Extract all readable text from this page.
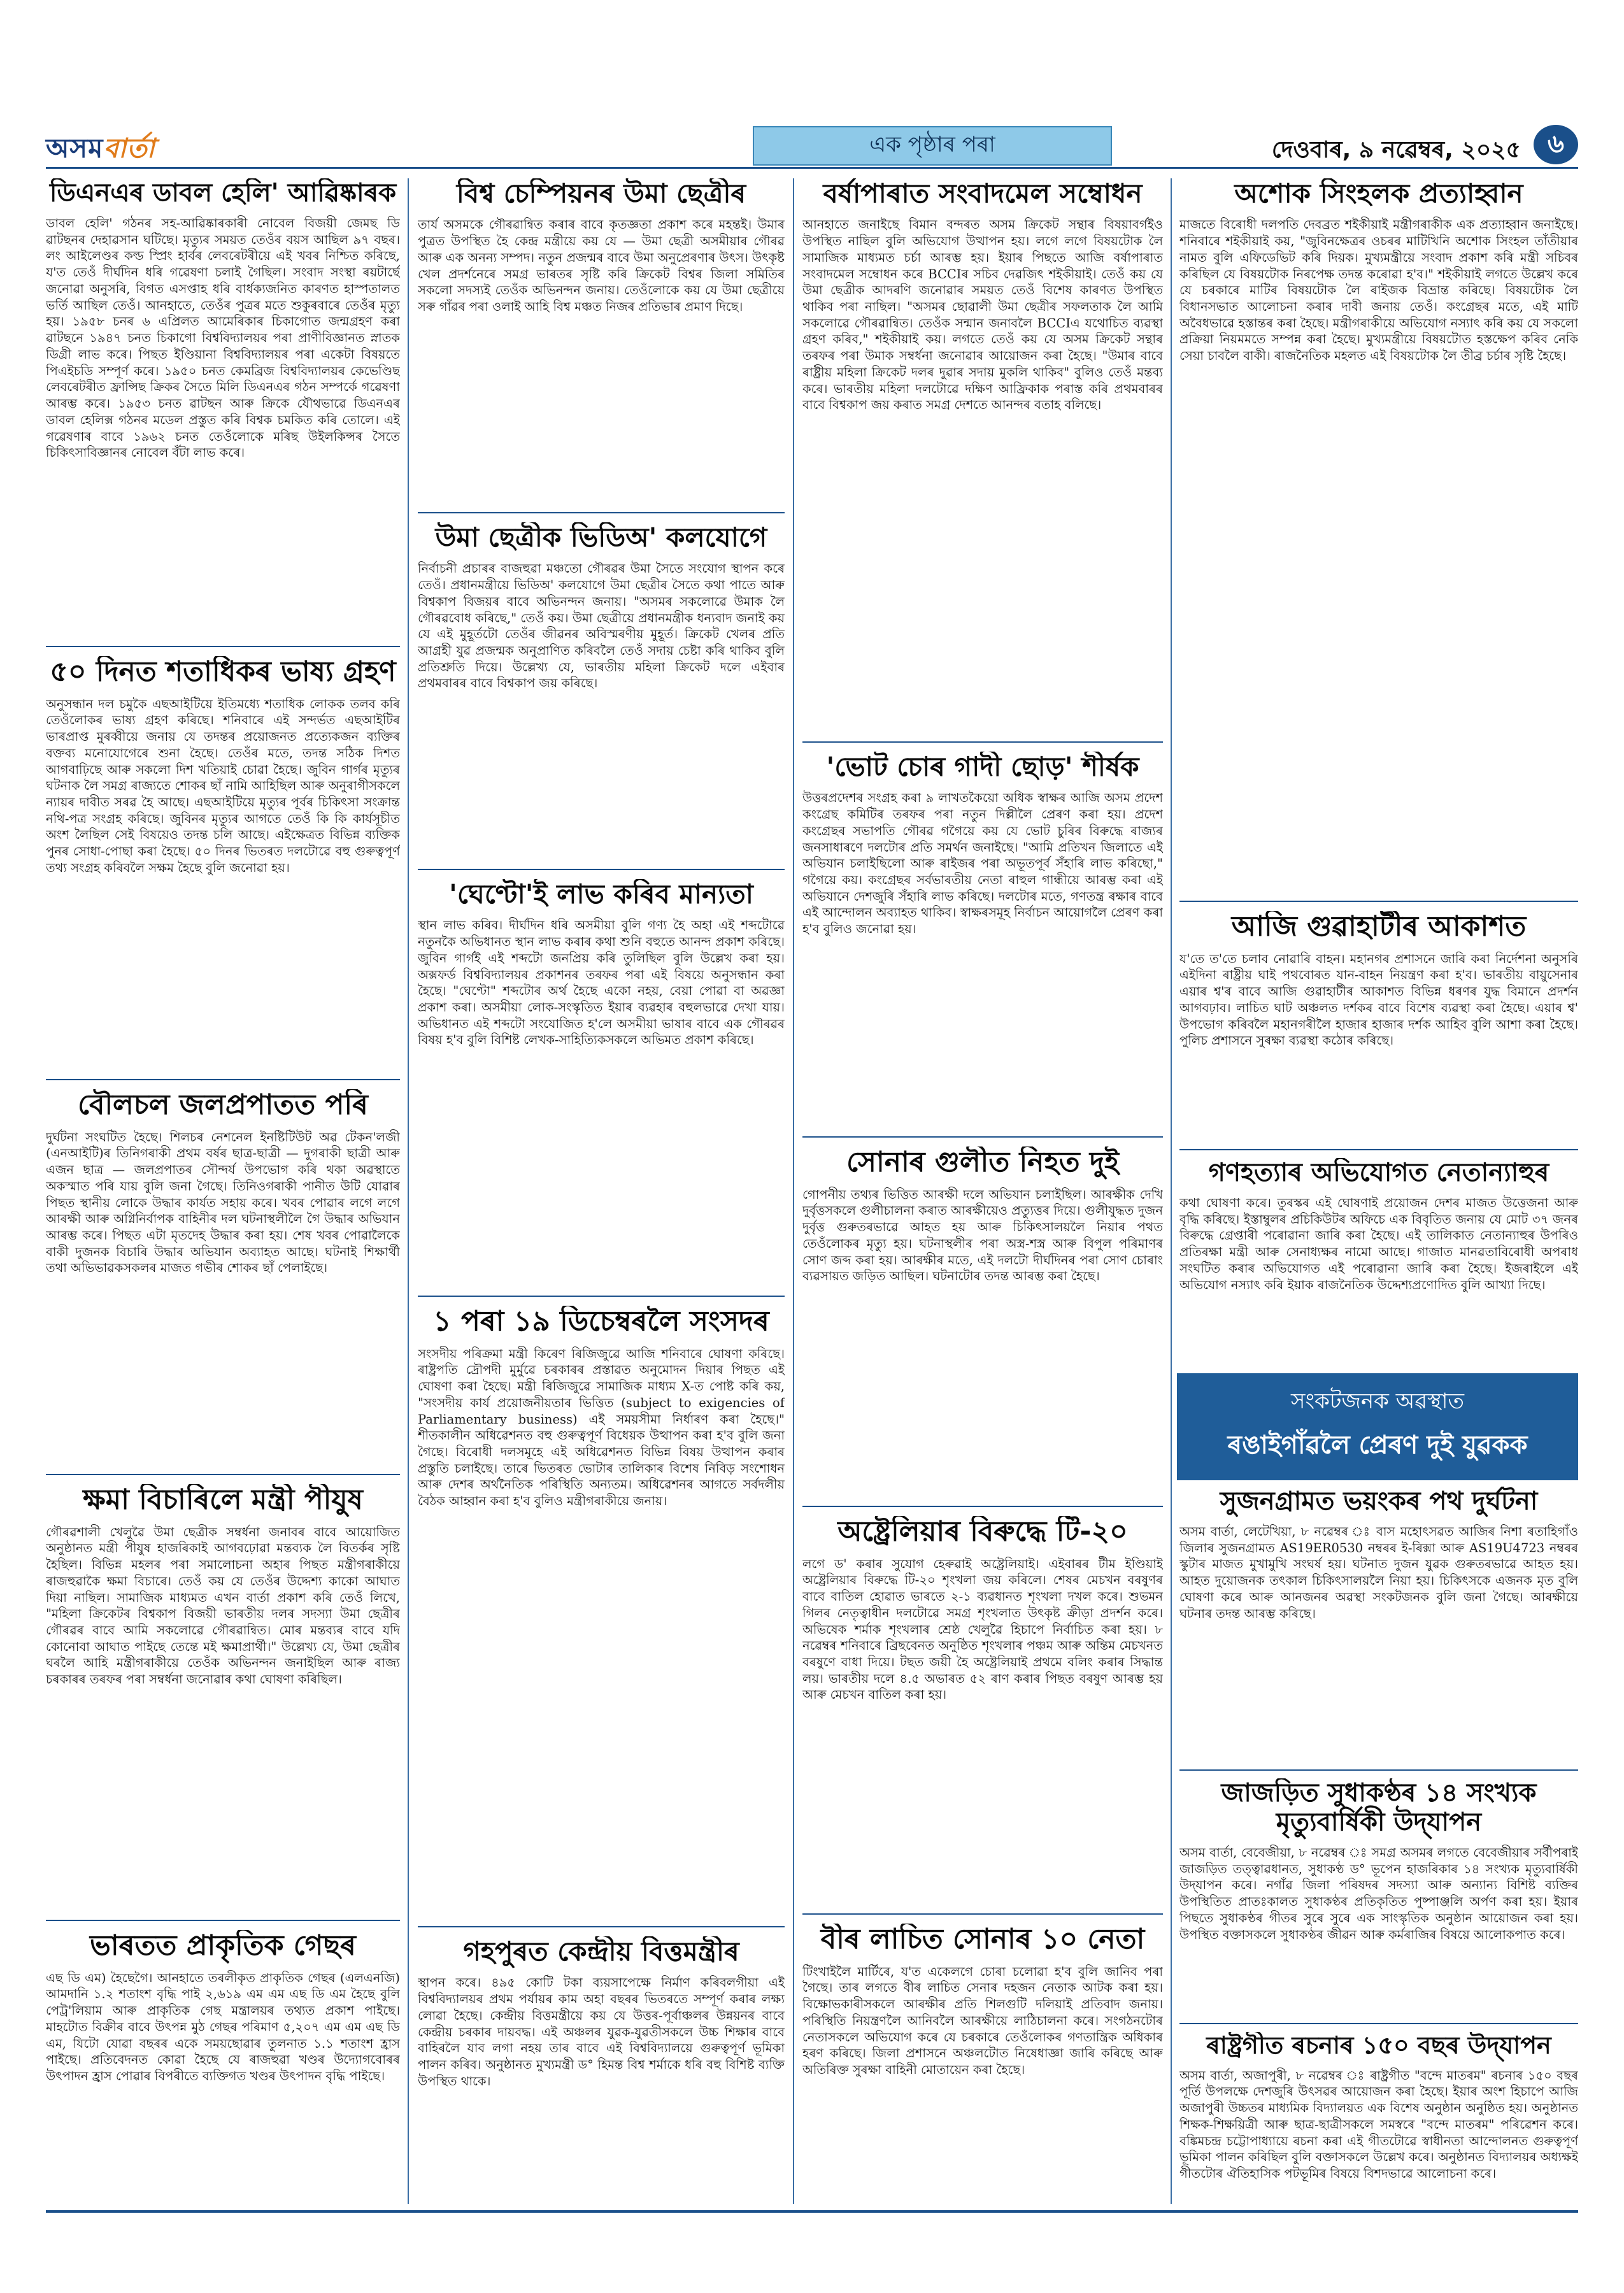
অসমবাৰ্তা	এক পৃষ্ঠাৰ পৰা	দেওবাৰ, ৯ নৱেম্বৰ, ২০২৫	৬
ডিএনএৰ ডাবল হেলি' আৱিষ্কাৰক

ডাবল হেলি' গঠনৰ সহ-আৱিষ্কাৰকাৰী নোবেল বিজয়ী জেমছ ডি ৱাটছনৰ দেহাৱসান ঘটিছে। মৃত্যুৰ সময়ত তেওঁৰ বয়স আছিল ৯৭ বছৰ। লং আইলেণ্ডৰ কল্ড স্প্ৰিং হাৰ্বৰ লেবৰেটৰীয়ে এই খবৰ নিশ্চিত কৰিছে, য'ত তেওঁ দীৰ্ঘদিন ধৰি গৱেষণা চলাই গৈছিল। সংবাদ সংস্থা ৰয়টাৰ্ছে জনোৱা অনুসৰি, বিগত এসপ্তাহ ধৰি বাৰ্ধক্যজনিত কাৰণত হাস্পতালত ভৰ্তি আছিল তেওঁ। আনহাতে, তেওঁৰ পুত্ৰৰ মতে শুকুৰবাৰে তেওঁৰ মৃত্যু হয়। ১৯৫৮ চনৰ ৬ এপ্ৰিলত আমেৰিকাৰ চিকাগোত জন্মগ্ৰহণ কৰা ৱাটছনে ১৯৪৭ চনত চিকাগো বিশ্ববিদ্যালয়ৰ পৰা প্ৰাণীবিজ্ঞানত স্নাতক ডিগ্ৰী লাভ কৰে। পিছত ইণ্ডিয়ানা বিশ্ববিদ্যালয়ৰ পৰা একেটা বিষয়তে পিএইচডি সম্পূৰ্ণ কৰে। ১৯৫০ চনত কেমব্ৰিজ বিশ্ববিদ্যালয়ৰ কেভেণ্ডিছ লেবৰেটৰীত ফ্ৰান্সিছ ক্ৰিকৰ সৈতে মিলি ডিএনএৰ গঠন সম্পৰ্কে গৱেষণা আৰম্ভ কৰে। ১৯৫৩ চনত ৱাটছন আৰু ক্ৰিকে যৌথভাৱে ডিএনএৰ ডাবল হেলিক্স গঠনৰ মডেল প্ৰস্তুত কৰি বিশ্বক চমকিত কৰি তোলে। এই গৱেষণাৰ বাবে ১৯৬২ চনত তেওঁলোকে মৰিছ উইলকিন্সৰ সৈতে চিকিৎসাবিজ্ঞানৰ নোবেল বঁটা লাভ কৰে।

৫০ দিনত শতাধিকৰ ভাষ্য গ্ৰহণ

অনুসন্ধান দল চমুকৈ এছআইটিয়ে ইতিমধ্যে শতাধিক লোকক তলব কৰি তেওঁলোকৰ ভাষ্য গ্ৰহণ কৰিছে। শনিবাৰে এই সন্দৰ্ভত এছআইটিৰ ভাৰপ্ৰাপ্ত মুৰব্বীয়ে জনায় যে তদন্তৰ প্ৰয়োজনত প্ৰত্যেকজন ব্যক্তিৰ বক্তব্য মনোযোগেৰে শুনা হৈছে। তেওঁৰ মতে, তদন্ত সঠিক দিশত আগবাঢ়িছে আৰু সকলো দিশ খতিয়াই চোৱা হৈছে। জুবিন গাৰ্গৰ মৃত্যুৰ ঘটনাক লৈ সমগ্ৰ ৰাজ্যতে শোকৰ ছাঁ নামি আহিছিল আৰু অনুৰাগীসকলে ন্যায়ৰ দাবীত সৰৱ হৈ আছে। এছআইটিয়ে মৃত্যুৰ পূৰ্বৰ চিকিৎসা সংক্ৰান্ত নথি-পত্ৰ সংগ্ৰহ কৰিছে। জুবিনৰ মৃত্যুৰ আগতে তেওঁ কি কি কাৰ্যসূচীত অংশ লৈছিল সেই বিষয়েও তদন্ত চলি আছে। এইক্ষেত্ৰত বিভিন্ন ব্যক্তিক পুনৰ সোধা-পোছা কৰা হৈছে। ৫০ দিনৰ ভিতৰত দলটোৱে বহু গুৰুত্বপূৰ্ণ তথ্য সংগ্ৰহ কৰিবলৈ সক্ষম হৈছে বুলি জনোৱা হয়।

বৌলচল জলপ্ৰপাতত পৰি

দুৰ্ঘটনা সংঘটিত হৈছে। শিলচৰ নেশনেল ইনষ্টিটিউট অৱ টেকন'লজী (এনআইটি)ৰ তিনিগৰাকী প্ৰথম বৰ্ষৰ ছাত্ৰ-ছাত্ৰী — দুগৰাকী ছাত্ৰী আৰু এজন ছাত্ৰ — জলপ্ৰপাতৰ সৌন্দৰ্য উপভোগ কৰি থকা অৱস্থাতে অকস্মাত পৰি যায় বুলি জনা গৈছে। তিনিওগৰাকী পানীত উটি যোৱাৰ পিছত স্থানীয় লোকে উদ্ধাৰ কাৰ্যত সহায় কৰে। খবৰ পোৱাৰ লগে লগে আৰক্ষী আৰু অগ্নিনিৰ্বাপক বাহিনীৰ দল ঘটনাস্থলীলৈ গৈ উদ্ধাৰ অভিযান আৰম্ভ কৰে। পিছত এটা মৃতদেহ উদ্ধাৰ কৰা হয়। শেষ খবৰ পোৱালৈকে বাকী দুজনক বিচাৰি উদ্ধাৰ অভিযান অব্যাহত আছে। ঘটনাই শিক্ষাৰ্থী তথা অভিভাৱকসকলৰ মাজত গভীৰ শোকৰ ছাঁ পেলাইছে।

ক্ষমা বিচাৰিলে মন্ত্ৰী পীযুষ

গৌৰৱশালী খেলুৱৈ উমা ছেত্ৰীক সম্বৰ্ধনা জনাবৰ বাবে আয়োজিত অনুষ্ঠানত মন্ত্ৰী পীযুষ হাজৰিকাই আগবঢ়োৱা মন্তব্যক লৈ বিতৰ্কৰ সৃষ্টি হৈছিল। বিভিন্ন মহলৰ পৰা সমালোচনা অহাৰ পিছত মন্ত্ৰীগৰাকীয়ে ৰাজহুৱাকৈ ক্ষমা বিচাৰে। তেওঁ কয় যে তেওঁৰ উদ্দেশ্য কাকো আঘাত দিয়া নাছিল। সামাজিক মাধ্যমত এখন বাৰ্তা প্ৰকাশ কৰি তেওঁ লিখে, "মহিলা ক্ৰিকেটৰ বিশ্বকাপ বিজয়ী ভাৰতীয় দলৰ সদস্যা উমা ছেত্ৰীৰ গৌৰৱৰ বাবে আমি সকলোৱে গৌৰৱান্বিত। মোৰ মন্তব্যৰ বাবে যদি কোনোবা আঘাত পাইছে তেন্তে মই ক্ষমাপ্ৰাৰ্থী।" উল্লেখ্য যে, উমা ছেত্ৰীৰ ঘৰলৈ আহি মন্ত্ৰীগৰাকীয়ে তেওঁক অভিনন্দন জনাইছিল আৰু ৰাজ্য চৰকাৰৰ তৰফৰ পৰা সম্বৰ্ধনা জনোৱাৰ কথা ঘোষণা কৰিছিল।

ভাৰতত প্ৰাকৃতিক গেছৰ

এছ ডি এম) হৈছেগৈ। আনহাতে তৰলীকৃত প্ৰাকৃতিক গেছৰ (এলএনজি) আমদানি ১.২ শতাংশ বৃদ্ধি পাই ২,৬১৯ এম এম এছ ডি এম হৈছে বুলি পেট্ৰ'লিয়াম আৰু প্ৰাকৃতিক গেছ মন্ত্ৰালয়ৰ তথ্যত প্ৰকাশ পাইছে। মাহটোত বিক্ৰীৰ বাবে উৎপন্ন মুঠ গেছৰ পৰিমাণ ৫,২০৭ এম এম এছ ডি এম, যিটো যোৱা বছৰৰ একে সময়ছোৱাৰ তুলনাত ১.১ শতাংশ হ্ৰাস পাইছে। প্ৰতিবেদনত কোৱা হৈছে যে ৰাজহুৱা খণ্ডৰ উদ্যোগবোৰৰ উৎপাদন হ্ৰাস পোৱাৰ বিপৰীতে ব্যক্তিগত খণ্ডৰ উৎপাদন বৃদ্ধি পাইছে।

বিশ্ব চেম্পিয়নৰ উমা ছেত্ৰীৰ

তাৰ্য অসমকে গৌৰৱান্বিত কৰাৰ বাবে কৃতজ্ঞতা প্ৰকাশ কৰে মহন্তই। উমাৰ পুত্ৰত উপস্থিত হৈ কেন্দ্ৰ মন্ত্ৰীয়ে কয় যে — উমা ছেত্ৰী অসমীয়াৰ গৌৰৱ আৰু এক অনন্য সম্পদ। নতুন প্ৰজন্মৰ বাবে উমা অনুপ্ৰেৰণাৰ উৎস। উৎকৃষ্ট খেল প্ৰদৰ্শনেৰে সমগ্ৰ ভাৰতৰ সৃষ্টি কৰি ক্ৰিকেট বিশ্বৰ জিলা সমিতিৰ সকলো সদস্যই তেওঁক অভিনন্দন জনায়। তেওঁলোকে কয় যে উমা ছেত্ৰীয়ে সৰু গাঁৱৰ পৰা ওলাই আহি বিশ্ব মঞ্চত নিজৰ প্ৰতিভাৰ প্ৰমাণ দিছে।

উমা ছেত্ৰীক ভিডিঅ' কলযোগে

নিৰ্বাচনী প্ৰচাৰৰ বাজহুৱা মঞ্চতো গৌৰৱৰ উমা সৈতে সংযোগ স্থাপন কৰে তেওঁ। প্ৰধানমন্ত্ৰীয়ে ভিডিঅ' কলযোগে উমা ছেত্ৰীৰ সৈতে কথা পাতে আৰু বিশ্বকাপ বিজয়ৰ বাবে অভিনন্দন জনায়। "অসমৰ সকলোৱে উমাক লৈ গৌৰৱবোধ কৰিছে," তেওঁ কয়। উমা ছেত্ৰীয়ে প্ৰধানমন্ত্ৰীক ধন্যবাদ জনাই কয় যে এই মুহূৰ্তটো তেওঁৰ জীৱনৰ অবিস্মৰণীয় মুহূৰ্ত। ক্ৰিকেট খেলৰ প্ৰতি আগ্ৰহী যুৱ প্ৰজন্মক অনুপ্ৰাণিত কৰিবলৈ তেওঁ সদায় চেষ্টা কৰি থাকিব বুলি প্ৰতিশ্ৰুতি দিয়ে। উল্লেখ্য যে, ভাৰতীয় মহিলা ক্ৰিকেট দলে এইবাৰ প্ৰথমবাৰৰ বাবে বিশ্বকাপ জয় কৰিছে।

'ঘেণ্টো'ই লাভ কৰিব মান্যতা

স্থান লাভ কৰিব। দীৰ্ঘদিন ধৰি অসমীয়া বুলি গণ্য হৈ অহা এই শব্দটোৱে নতুনকৈ অভিধানত স্থান লাভ কৰাৰ কথা শুনি বহুতে আনন্দ প্ৰকাশ কৰিছে। জুবিন গাৰ্গই এই শব্দটো জনপ্ৰিয় কৰি তুলিছিল বুলি উল্লেখ কৰা হয়। অক্সফৰ্ড বিশ্ববিদ্যালয়ৰ প্ৰকাশনৰ তৰফৰ পৰা এই বিষয়ে অনুসন্ধান কৰা হৈছে। "ঘেণ্টো" শব্দটোৰ অৰ্থ হৈছে একো নহয়, বেয়া পোৱা বা অৱজ্ঞা প্ৰকাশ কৰা। অসমীয়া লোক-সংস্কৃতিত ইয়াৰ ব্যৱহাৰ বহুলভাৱে দেখা যায়। অভিধানত এই শব্দটো সংযোজিত হ'লে অসমীয়া ভাষাৰ বাবে এক গৌৰৱৰ বিষয় হ'ব বুলি বিশিষ্ট লেখক-সাহিত্যিকসকলে অভিমত প্ৰকাশ কৰিছে।

১ পৰা ১৯ ডিচেম্বৰলৈ সংসদৰ

সংসদীয় পৰিক্ৰমা মন্ত্ৰী কিৰেণ ৰিজিজুৱে আজি শনিবাৰে ঘোষণা কৰিছে। ৰাষ্ট্ৰপতি দ্ৰৌপদী মুৰ্মুৱে চৰকাৰৰ প্ৰস্তাৱত অনুমোদন দিয়াৰ পিছত এই ঘোষণা কৰা হৈছে। মন্ত্ৰী ৰিজিজুৱে সামাজিক মাধ্যম X-ত পোষ্ট কৰি কয়, "সংসদীয় কাৰ্য প্ৰয়োজনীয়তাৰ ভিত্তিত (subject to exigencies of Parliamentary business) এই সময়সীমা নিৰ্ধাৰণ কৰা হৈছে।" শীতকালীন অধিৱেশনত বহু গুৰুত্বপূৰ্ণ বিধেয়ক উত্থাপন কৰা হ'ব বুলি জনা গৈছে। বিৰোধী দলসমূহে এই অধিৱেশনত বিভিন্ন বিষয় উত্থাপন কৰাৰ প্ৰস্তুতি চলাইছে। তাৰে ভিতৰত ভোটাৰ তালিকাৰ বিশেষ নিবিড় সংশোধন আৰু দেশৰ অৰ্থনৈতিক পৰিস্থিতি অন্যতম। অধিৱেশনৰ আগতে সৰ্বদলীয় বৈঠক আহ্বান কৰা হ'ব বুলিও মন্ত্ৰীগৰাকীয়ে জনায়।

গহপুৰত কেন্দ্ৰীয় বিত্তমন্ত্ৰীৰ

স্থাপন কৰে। ৪৯৫ কোটি টকা ব্যয়সাপেক্ষে নিৰ্মাণ কৰিবলগীয়া এই বিশ্ববিদ্যালয়ৰ প্ৰথম পৰ্যায়ৰ কাম অহা বছৰৰ ভিতৰতে সম্পূৰ্ণ কৰাৰ লক্ষ্য লোৱা হৈছে। কেন্দ্ৰীয় বিত্তমন্ত্ৰীয়ে কয় যে উত্তৰ-পূৰ্বাঞ্চলৰ উন্নয়নৰ বাবে কেন্দ্ৰীয় চৰকাৰ দায়বদ্ধ। এই অঞ্চলৰ যুৱক-যুৱতীসকলে উচ্চ শিক্ষাৰ বাবে বাহিৰলৈ যাব লগা নহয় তাৰ বাবে এই বিশ্ববিদ্যালয়ে গুৰুত্বপূৰ্ণ ভূমিকা পালন কৰিব। অনুষ্ঠানত মুখ্যমন্ত্ৰী ড° হিমন্ত বিশ্ব শৰ্মাকে ধৰি বহু বিশিষ্ট ব্যক্তি উপস্থিত থাকে।

বৰ্ষাপাৰাত সংবাদমেল সম্বোধন

আনহাতে জনাইছে বিমান বন্দৰত অসম ক্ৰিকেট সন্থাৰ বিষয়াবৰ্গইও উপস্থিত নাছিল বুলি অভিযোগ উত্থাপন হয়। লগে লগে বিষয়টোক লৈ সামাজিক মাধ্যমত চৰ্চা আৰম্ভ হয়। ইয়াৰ পিছতে আজি বৰ্ষাপাৰাত সংবাদমেল সম্বোধন কৰে BCCIৰ সচিব দেৱজিৎ শইকীয়াই। তেওঁ কয় যে উমা ছেত্ৰীক আদৰণি জনোৱাৰ সময়ত তেওঁ বিশেষ কাৰণত উপস্থিত থাকিব পৰা নাছিল। "অসমৰ ছোৱালী উমা ছেত্ৰীৰ সফলতাক লৈ আমি সকলোৱে গৌৰৱান্বিত। তেওঁক সন্মান জনাবলৈ BCCIএ যথোচিত ব্যৱস্থা গ্ৰহণ কৰিব," শইকীয়াই কয়। লগতে তেওঁ কয় যে অসম ক্ৰিকেট সন্থাৰ তৰফৰ পৰা উমাক সম্বৰ্ধনা জনোৱাৰ আয়োজন কৰা হৈছে। "উমাৰ বাবে ৰাষ্ট্ৰীয় মহিলা ক্ৰিকেট দলৰ দুৱাৰ সদায় মুকলি থাকিব" বুলিও তেওঁ মন্তব্য কৰে। ভাৰতীয় মহিলা দলটোৱে দক্ষিণ আফ্ৰিকাক পৰাস্ত কৰি প্ৰথমবাৰৰ বাবে বিশ্বকাপ জয় কৰাত সমগ্ৰ দেশতে আনন্দৰ বতাহ বলিছে।

'ভোট চোৰ গাদী ছোড়' শীৰ্ষক

উত্তৰপ্ৰদেশৰ সংগ্ৰহ কৰা ৯ লাখতকৈয়ো অধিক স্বাক্ষৰ আজি অসম প্ৰদেশ কংগ্ৰেছ কমিটিৰ তৰফৰ পৰা নতুন দিল্লীলৈ প্ৰেৰণ কৰা হয়। প্ৰদেশ কংগ্ৰেছৰ সভাপতি গৌৰৱ গগৈয়ে কয় যে ভোট চুৰিৰ বিৰুদ্ধে ৰাজ্যৰ জনসাধাৰণে দলটোৰ প্ৰতি সমৰ্থন জনাইছে। "আমি প্ৰতিখন জিলাতে এই অভিযান চলাইছিলো আৰু ৰাইজৰ পৰা অভূতপূৰ্ব সঁহাৰি লাভ কৰিছো," গগৈয়ে কয়। কংগ্ৰেছৰ সৰ্বভাৰতীয় নেতা ৰাহুল গান্ধীয়ে আৰম্ভ কৰা এই অভিযানে দেশজুৰি সঁহাৰি লাভ কৰিছে। দলটোৰ মতে, গণতন্ত্ৰ ৰক্ষাৰ বাবে এই আন্দোলন অব্যাহত থাকিব। স্বাক্ষৰসমূহ নিৰ্বাচন আয়োগলৈ প্ৰেৰণ কৰা হ'ব বুলিও জনোৱা হয়।

সোনাৰ গুলীত নিহত দুই

গোপনীয় তথ্যৰ ভিত্তিত আৰক্ষী দলে অভিযান চলাইছিল। আৰক্ষীক দেখি দুৰ্বৃত্তসকলে গুলীচালনা কৰাত আৰক্ষীয়েও প্ৰত্যুত্তৰ দিয়ে। গুলীযুদ্ধত দুজন দুৰ্বৃত্ত গুৰুতৰভাৱে আহত হয় আৰু চিকিৎসালয়লৈ নিয়াৰ পথত তেওঁলোকৰ মৃত্যু হয়। ঘটনাস্থলীৰ পৰা অস্ত্ৰ-শস্ত্ৰ আৰু বিপুল পৰিমাণৰ সোণ জব্দ কৰা হয়। আৰক্ষীৰ মতে, এই দলটো দীৰ্ঘদিনৰ পৰা সোণ চোৰাং ব্যৱসায়ত জড়িত আছিল। ঘটনাটোৰ তদন্ত আৰম্ভ কৰা হৈছে।

অষ্ট্ৰেলিয়াৰ বিৰুদ্ধে টি-২০

লগে ড' কৰাৰ সুযোগ হেৰুৱাই অষ্ট্ৰেলিয়াই। এইবাৰৰ টীম ইণ্ডিয়াই অষ্ট্ৰেলিয়াৰ বিৰুদ্ধে টি-২০ শৃংখলা জয় কৰিলে। শেষৰ মেচখন বৰষুণৰ বাবে বাতিল হোৱাত ভাৰতে ২-১ ব্যৱধানত শৃংখলা দখল কৰে। শুভমন গিলৰ নেতৃত্বাধীন দলটোৱে সমগ্ৰ শৃংখলাত উৎকৃষ্ট ক্ৰীড়া প্ৰদৰ্শন কৰে। অভিষেক শৰ্মাক শৃংখলাৰ শ্ৰেষ্ঠ খেলুৱৈ হিচাপে নিৰ্বাচিত কৰা হয়। ৮ নৱেম্বৰ শনিবাৰে ব্ৰিছবেনত অনুষ্ঠিত শৃংখলাৰ পঞ্চম আৰু অন্তিম মেচখনত বৰষুণে বাধা দিয়ে। টছত জয়ী হৈ অষ্ট্ৰেলিয়াই প্ৰথমে বলিং কৰাৰ সিদ্ধান্ত লয়। ভাৰতীয় দলে ৪.৫ অভাৰত ৫২ ৰাণ কৰাৰ পিছত বৰষুণ আৰম্ভ হয় আৰু মেচখন বাতিল কৰা হয়।

বীৰ লাচিত সোনাৰ ১০ নেতা

টিংখাইলৈ মাৰ্টিৰে, য'ত একেলগে চোৰা চলোৱা হ'ব বুলি জানিব পৰা গৈছে। তাৰ লগতে বীৰ লাচিত সেনাৰ দহজন নেতাক আটক কৰা হয়। বিক্ষোভকাৰীসকলে আৰক্ষীৰ প্ৰতি শিলগুটি দলিয়াই প্ৰতিবাদ জনায়। পৰিস্থিতি নিয়ন্ত্ৰণলৈ আনিবলৈ আৰক্ষীয়ে লাঠিচালনা কৰে। সংগঠনটোৰ নেতাসকলে অভিযোগ কৰে যে চৰকাৰে তেওঁলোকৰ গণতান্ত্ৰিক অধিকাৰ হৰণ কৰিছে। জিলা প্ৰশাসনে অঞ্চলটোত নিষেধাজ্ঞা জাৰি কৰিছে আৰু অতিৰিক্ত সুৰক্ষা বাহিনী মোতায়েন কৰা হৈছে।

অশোক সিংহলক প্ৰত্যাহ্বান

মাজতে বিৰোধী দলপতি দেবব্ৰত শইকীয়াই মন্ত্ৰীগৰাকীক এক প্ৰত্যাহ্বান জনাইছে। শনিবাৰে শইকীয়াই কয়, "জুবিনক্ষেত্ৰৰ ওচৰৰ মাটিখিনি অশোক সিংহল তাঁতীয়াৰ নামত বুলি এফিডেভিট কৰি দিয়ক। মুখ্যমন্ত্ৰীয়ে সংবাদ প্ৰকাশ কৰি মন্ত্ৰী সচিবৰ কৰিছিল যে বিষয়টোক নিৰপেক্ষ তদন্ত কৰোৱা হ'ব।" শইকীয়াই লগতে উল্লেখ কৰে যে চৰকাৰে মাটিৰ বিষয়টোক লৈ ৰাইজক বিভ্ৰান্ত কৰিছে। বিষয়টোক লৈ বিধানসভাত আলোচনা কৰাৰ দাবী জনায় তেওঁ। কংগ্ৰেছৰ মতে, এই মাটি অবৈধভাৱে হস্তান্তৰ কৰা হৈছে। মন্ত্ৰীগৰাকীয়ে অভিযোগ নস্যাৎ কৰি কয় যে সকলো প্ৰক্ৰিয়া নিয়মমতে সম্পন্ন কৰা হৈছে। মুখ্যমন্ত্ৰীয়ে বিষয়টোত হস্তক্ষেপ কৰিব নেকি সেয়া চাবলৈ বাকী। ৰাজনৈতিক মহলত এই বিষয়টোক লৈ তীব্ৰ চৰ্চাৰ সৃষ্টি হৈছে।

আজি গুৱাহাটীৰ আকাশত

য'তে ত'তে চলাব নোৱাৰি বাহন। মহানগৰ প্ৰশাসনে জাৰি কৰা নিৰ্দেশনা অনুসৰি এইদিনা ৰাষ্ট্ৰীয় ঘাই পথবোৰত যান-বাহন নিয়ন্ত্ৰণ কৰা হ'ব। ভাৰতীয় বায়ুসেনাৰ এয়াৰ শ্ব'ৰ বাবে আজি গুৱাহাটীৰ আকাশত বিভিন্ন ধৰণৰ যুদ্ধ বিমানে প্ৰদৰ্শন আগবঢ়াব। লাচিত ঘাট অঞ্চলত দৰ্শকৰ বাবে বিশেষ ব্যৱস্থা কৰা হৈছে। এয়াৰ শ্ব' উপভোগ কৰিবলৈ মহানগৰীলৈ হাজাৰ হাজাৰ দৰ্শক আহিব বুলি আশা কৰা হৈছে। পুলিচ প্ৰশাসনে সুৰক্ষা ব্যৱস্থা কঠোৰ কৰিছে।

গণহত্যাৰ অভিযোগত নেতান্যাহুৰ

কথা ঘোষণা কৰে। তুৰস্কৰ এই ঘোষণাই প্ৰয়োজন দেশৰ মাজত উত্তেজনা আৰু বৃদ্ধি কৰিছে। ইস্তাম্বুলৰ প্ৰচিকিউটৰ অফিচে এক বিবৃতিত জনায় যে মোট ৩৭ জনৰ বিৰুদ্ধে গ্ৰেপ্তাৰী পৰোৱানা জাৰি কৰা হৈছে। এই তালিকাত নেতান্যাহুৰ উপৰিও প্ৰতিৰক্ষা মন্ত্ৰী আৰু সেনাধ্যক্ষৰ নামো আছে। গাজাত মানৱতাবিৰোধী অপৰাধ সংঘটিত কৰাৰ অভিযোগত এই পৰোৱানা জাৰি কৰা হৈছে। ইজৰাইলে এই অভিযোগ নস্যাৎ কৰি ইয়াক ৰাজনৈতিক উদ্দেশ্যপ্ৰণোদিত বুলি আখ্যা দিছে।

সংকটজনক অৱস্থাত
ৰঙাইগাঁৱলৈ প্ৰেৰণ দুই যুৱকক
সুজনগ্ৰামত ভয়ংকৰ পথ দুৰ্ঘটনা

অসম বাৰ্তা, লেটেখিয়া, ৮ নৱেম্বৰ ঃ বাস মহোৎসৱত আজিৰ নিশা ৰতাহিগাঁও জিলাৰ সুজনগ্ৰামত AS19ER0530 নম্বৰৰ ই-ৰিক্সা আৰু AS19U4723 নম্বৰৰ স্কুটাৰ মাজত মুখামুখি সংঘৰ্ষ হয়। ঘটনাত দুজন যুৱক গুৰুতৰভাৱে আহত হয়। আহত দুয়োজনক তৎকাল চিকিৎসালয়লৈ নিয়া হয়। চিকিৎসকে এজনক মৃত বুলি ঘোষণা কৰে আৰু আনজনৰ অৱস্থা সংকটজনক বুলি জনা গৈছে। আৰক্ষীয়ে ঘটনাৰ তদন্ত আৰম্ভ কৰিছে।

জাজড়িত সুধাকণ্ঠৰ ১৪ সংখ্যক মৃত্যুবাৰ্ষিকী উদ্‌যাপন

অসম বাৰ্তা, বেবেজীয়া, ৮ নৱেম্বৰ ঃ সমগ্ৰ অসমৰ লগতে বেবেজীয়াৰ সৰ্বীপৰাই জাজড়িত তত্ত্বাৱধানত, সুধাকণ্ঠ ড° ভূপেন হাজৰিকাৰ ১৪ সংখ্যক মৃত্যুবাৰ্ষিকী উদ্‌যাপন কৰে। নগাঁৱ জিলা পৰিষদৰ সদস্যা আৰু অন্যান্য বিশিষ্ট ব্যক্তিৰ উপস্থিতিত প্ৰাতঃকালত সুধাকণ্ঠৰ প্ৰতিকৃতিত পুষ্পাঞ্জলি অৰ্পণ কৰা হয়। ইয়াৰ পিছতে সুধাকণ্ঠৰ গীতৰ সুৰে সুৰে এক সাংস্কৃতিক অনুষ্ঠান আয়োজন কৰা হয়। উপস্থিত বক্তাসকলে সুধাকণ্ঠৰ জীৱন আৰু কৰ্মৰাজিৰ বিষয়ে আলোকপাত কৰে।

ৰাষ্ট্ৰগীত ৰচনাৰ ১৫০ বছৰ উদ্‌যাপন

অসম বাৰ্তা, অজাপুৰী, ৮ নৱেম্বৰ ঃ ৰাষ্ট্ৰগীত "বন্দে মাতৰম" ৰচনাৰ ১৫০ বছৰ পূৰ্তি উপলক্ষে দেশজুৰি উৎসৱৰ আয়োজন কৰা হৈছে। ইয়াৰ অংশ হিচাপে আজি অজাপুৰী উচ্চতৰ মাধ্যমিক বিদ্যালয়ত এক বিশেষ অনুষ্ঠান অনুষ্ঠিত হয়। অনুষ্ঠানত শিক্ষক-শিক্ষয়িত্ৰী আৰু ছাত্ৰ-ছাত্ৰীসকলে সমস্বৰে "বন্দে মাতৰম" পৰিৱেশন কৰে। বঙ্কিমচন্দ্ৰ চট্টোপাধ্যায়ে ৰচনা কৰা এই গীতটোৱে স্বাধীনতা আন্দোলনত গুৰুত্বপূৰ্ণ ভূমিকা পালন কৰিছিল বুলি বক্তাসকলে উল্লেখ কৰে। অনুষ্ঠানত বিদ্যালয়ৰ অধ্যক্ষই গীতটোৰ ঐতিহাসিক পটভূমিৰ বিষয়ে বিশদভাৱে আলোচনা কৰে।
